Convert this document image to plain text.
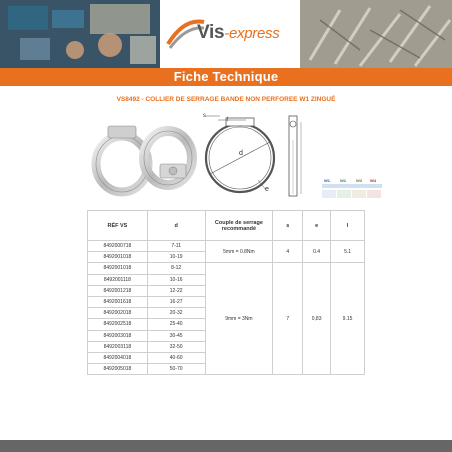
Vis-express
Fiche Technique
VS8492 - COLLIER DE SERRAGE BANDE NON PERFOREE W1 ZINGUÉ
s
l
d
e
W1	W2	W3 W4
RÉF VS	d	Couple de serrage recommandé	s	e	l
8492000718	7-11	5mm = 0.8Nm	4	0.4	5.1
8492001018	10-19				
8492001018	8-12	9mm = 3Nm	7	0,83	9.15
8492001118	10-16				
8492001218	12-22				
8492001618	16-27				
8492002018	20-32				
8492002518	25-40				
8492003018	30-45				
8492003118	32-50				
8492004018	40-60				
8492005018	50-70				
